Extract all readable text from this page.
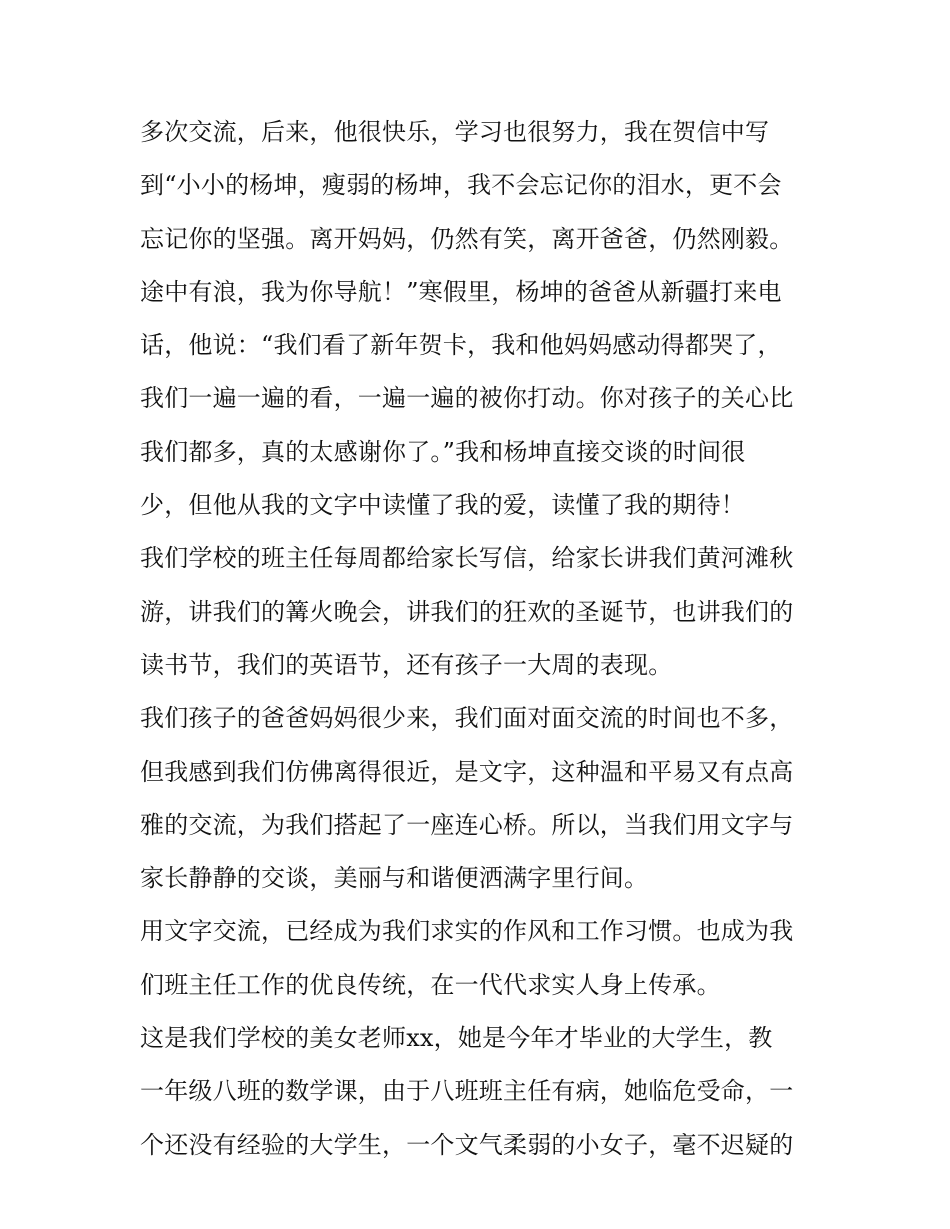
多次交流，后来，他很快乐，学习也很努力，我在贺信中写
到“小小的杨坤，瘦弱的杨坤，我不会忘记你的泪水，更不会
忘记你的坚强。离开妈妈，仍然有笑，离开爸爸，仍然刚毅。
途中有浪，我为你导航！”寒假里，杨坤的爸爸从新疆打来电
话，他说：“我们看了新年贺卡，我和他妈妈感动得都哭了，
我们一遍一遍的看，一遍一遍的被你打动。你对孩子的关心比
我们都多，真的太感谢你了。”我和杨坤直接交谈的时间很
少，但他从我的文字中读懂了我的爱，读懂了我的期待！
我们学校的班主任每周都给家长写信，给家长讲我们黄河滩秋
游，讲我们的篝火晚会，讲我们的狂欢的圣诞节，也讲我们的
读书节，我们的英语节，还有孩子一大周的表现。
我们孩子的爸爸妈妈很少来，我们面对面交流的时间也不多，
但我感到我们仿佛离得很近，是文字，这种温和平易又有点高
雅的交流，为我们搭起了一座连心桥。所以，当我们用文字与
家长静静的交谈，美丽与和谐便洒满字里行间。
用文字交流，已经成为我们求实的作风和工作习惯。也成为我
们班主任工作的优良传统，在一代代求实人身上传承。
这是我们学校的美女老师xx，她是今年才毕业的大学生，教
一年级八班的数学课，由于八班班主任有病，她临危受命，一
个还没有经验的大学生，一个文气柔弱的小女子，毫不迟疑的
